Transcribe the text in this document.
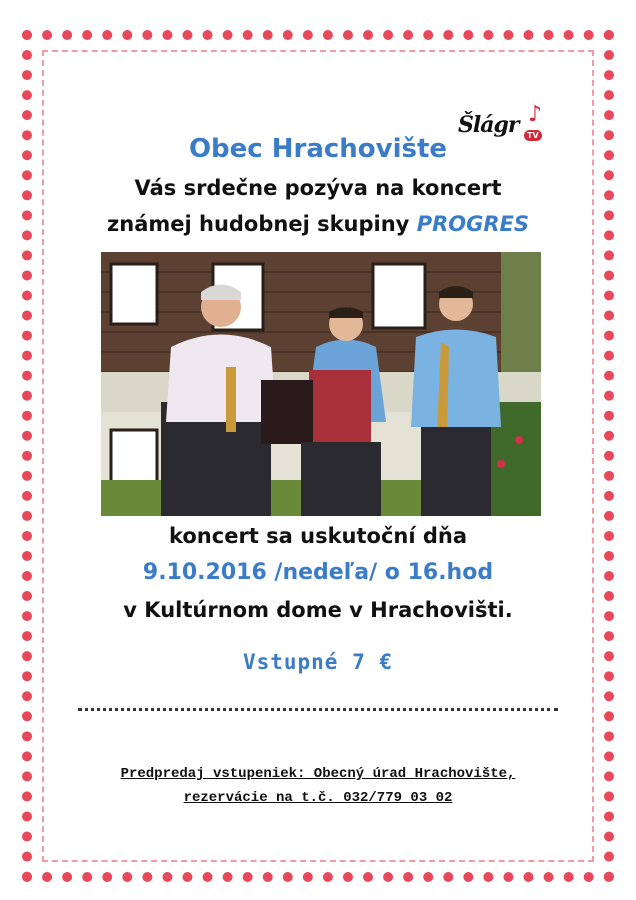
Šlágr ♪
TV
Obec Hrachovište
Vás srdečne pozýva na koncert
známej hudobnej skupiny PROGRES
koncert sa uskutoční dňa
9.10.2016 /nedeľa/ o 16.hod
v Kultúrnom dome v Hrachovišti.
Vstupné 7 €
Predpredaj vstupeniek: Obecný úrad Hrachovište,
rezervácie na t.č. 032/779 03 02
